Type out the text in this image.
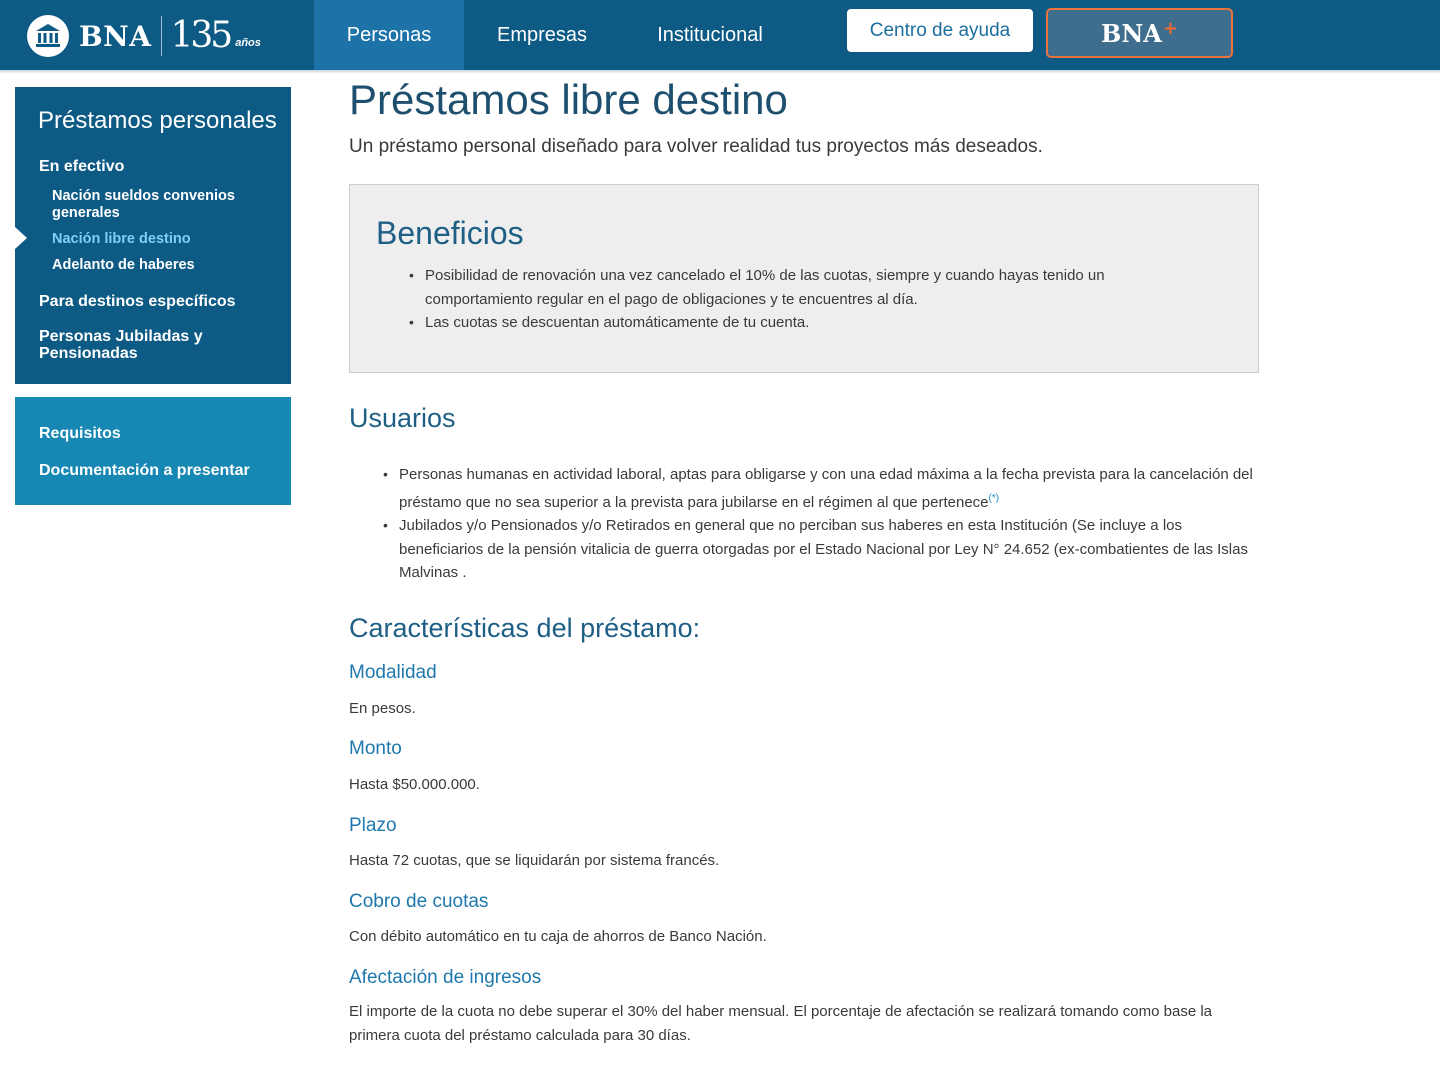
BNA 135 años	Personas	Empresas	Institucional	Centro de ayuda	BNA +
Préstamos personales
En efectivo
Nación sueldos convenios generales
Nación libre destino
Adelanto de haberes
Para destinos específicos
Personas Jubiladas y Pensionadas
Requisitos
Documentación a presentar
Préstamos libre destino

Un préstamo personal diseñado para volver realidad tus proyectos más deseados.

Beneficios
• Posibilidad de renovación una vez cancelado el 10% de las cuotas, siempre y cuando hayas tenido un comportamiento regular en el pago de obligaciones y te encuentres al día.
• Las cuotas se descuentan automáticamente de tu cuenta.
Usuarios
• Personas humanas en actividad laboral, aptas para obligarse y con una edad máxima a la fecha prevista para la cancelación del préstamo que no sea superior a la prevista para jubilarse en el régimen al que pertenece(*)
• Jubilados y/o Pensionados y/o Retirados en general que no perciban sus haberes en esta Institución (Se incluye a los beneficiarios de la pensión vitalicia de guerra otorgadas por el Estado Nacional por Ley N° 24.652 (ex-combatientes de las Islas Malvinas .
Características del préstamo:
Modalidad
En pesos.
Monto
Hasta $50.000.000.
Plazo
Hasta 72 cuotas, que se liquidarán por sistema francés.
Cobro de cuotas
Con débito automático en tu caja de ahorros de Banco Nación.
Afectación de ingresos
El importe de la cuota no debe superar el 30% del haber mensual. El porcentaje de afectación se realizará tomando como base la primera cuota del préstamo calculada para 30 días.
